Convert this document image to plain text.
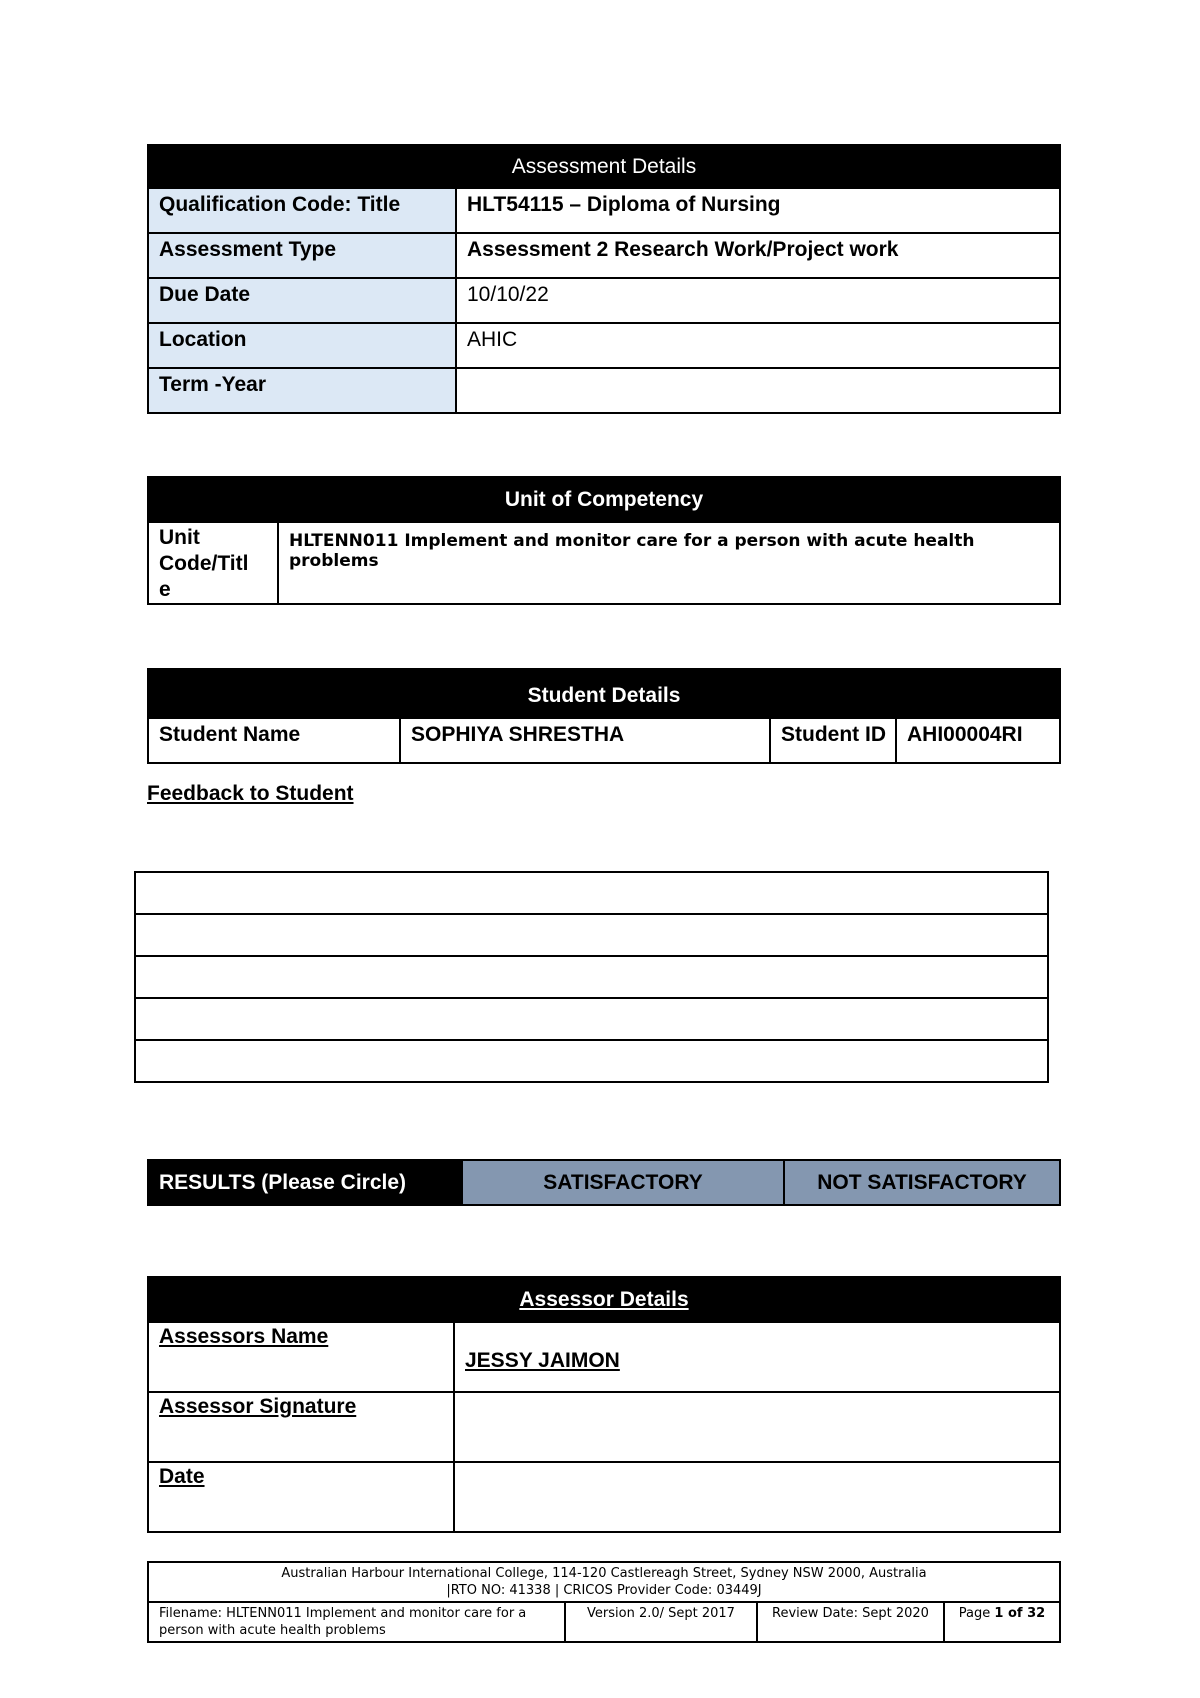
Assessment Details	
Qualification Code: Title	HLT54115 – Diploma of Nursing
Assessment Type	Assessment 2 Research Work/Project work
Due Date	10/10/22
Location	AHIC
Term -Year	
Unit of Competency

Unit
Code/Titl
e
	HLTENN011 Implement and monitor care for a person with acute health problems
Student Details
Student Name	SOPHIYA SHRESTHA	Student ID	AHI00004RI
Feedback to Student

RESULTS (Please Circle)	SATISFACTORY	NOT SATISFACTORY
Assessor Details	
Assessors Name	JESSY JAIMON

Assessor Signature	
Date	
Australian Harbour International College, 114-120 Castlereagh Street, Sydney NSW 2000, Australia
|RTO NO: 41338 | CRICOS Provider Code: 03449J

Filename: HLTENN011 Implement and monitor care for a
person with acute health problems
	Version 2.0/ Sept 2017	Review Date: Sept 2020	Page 1 of 32
